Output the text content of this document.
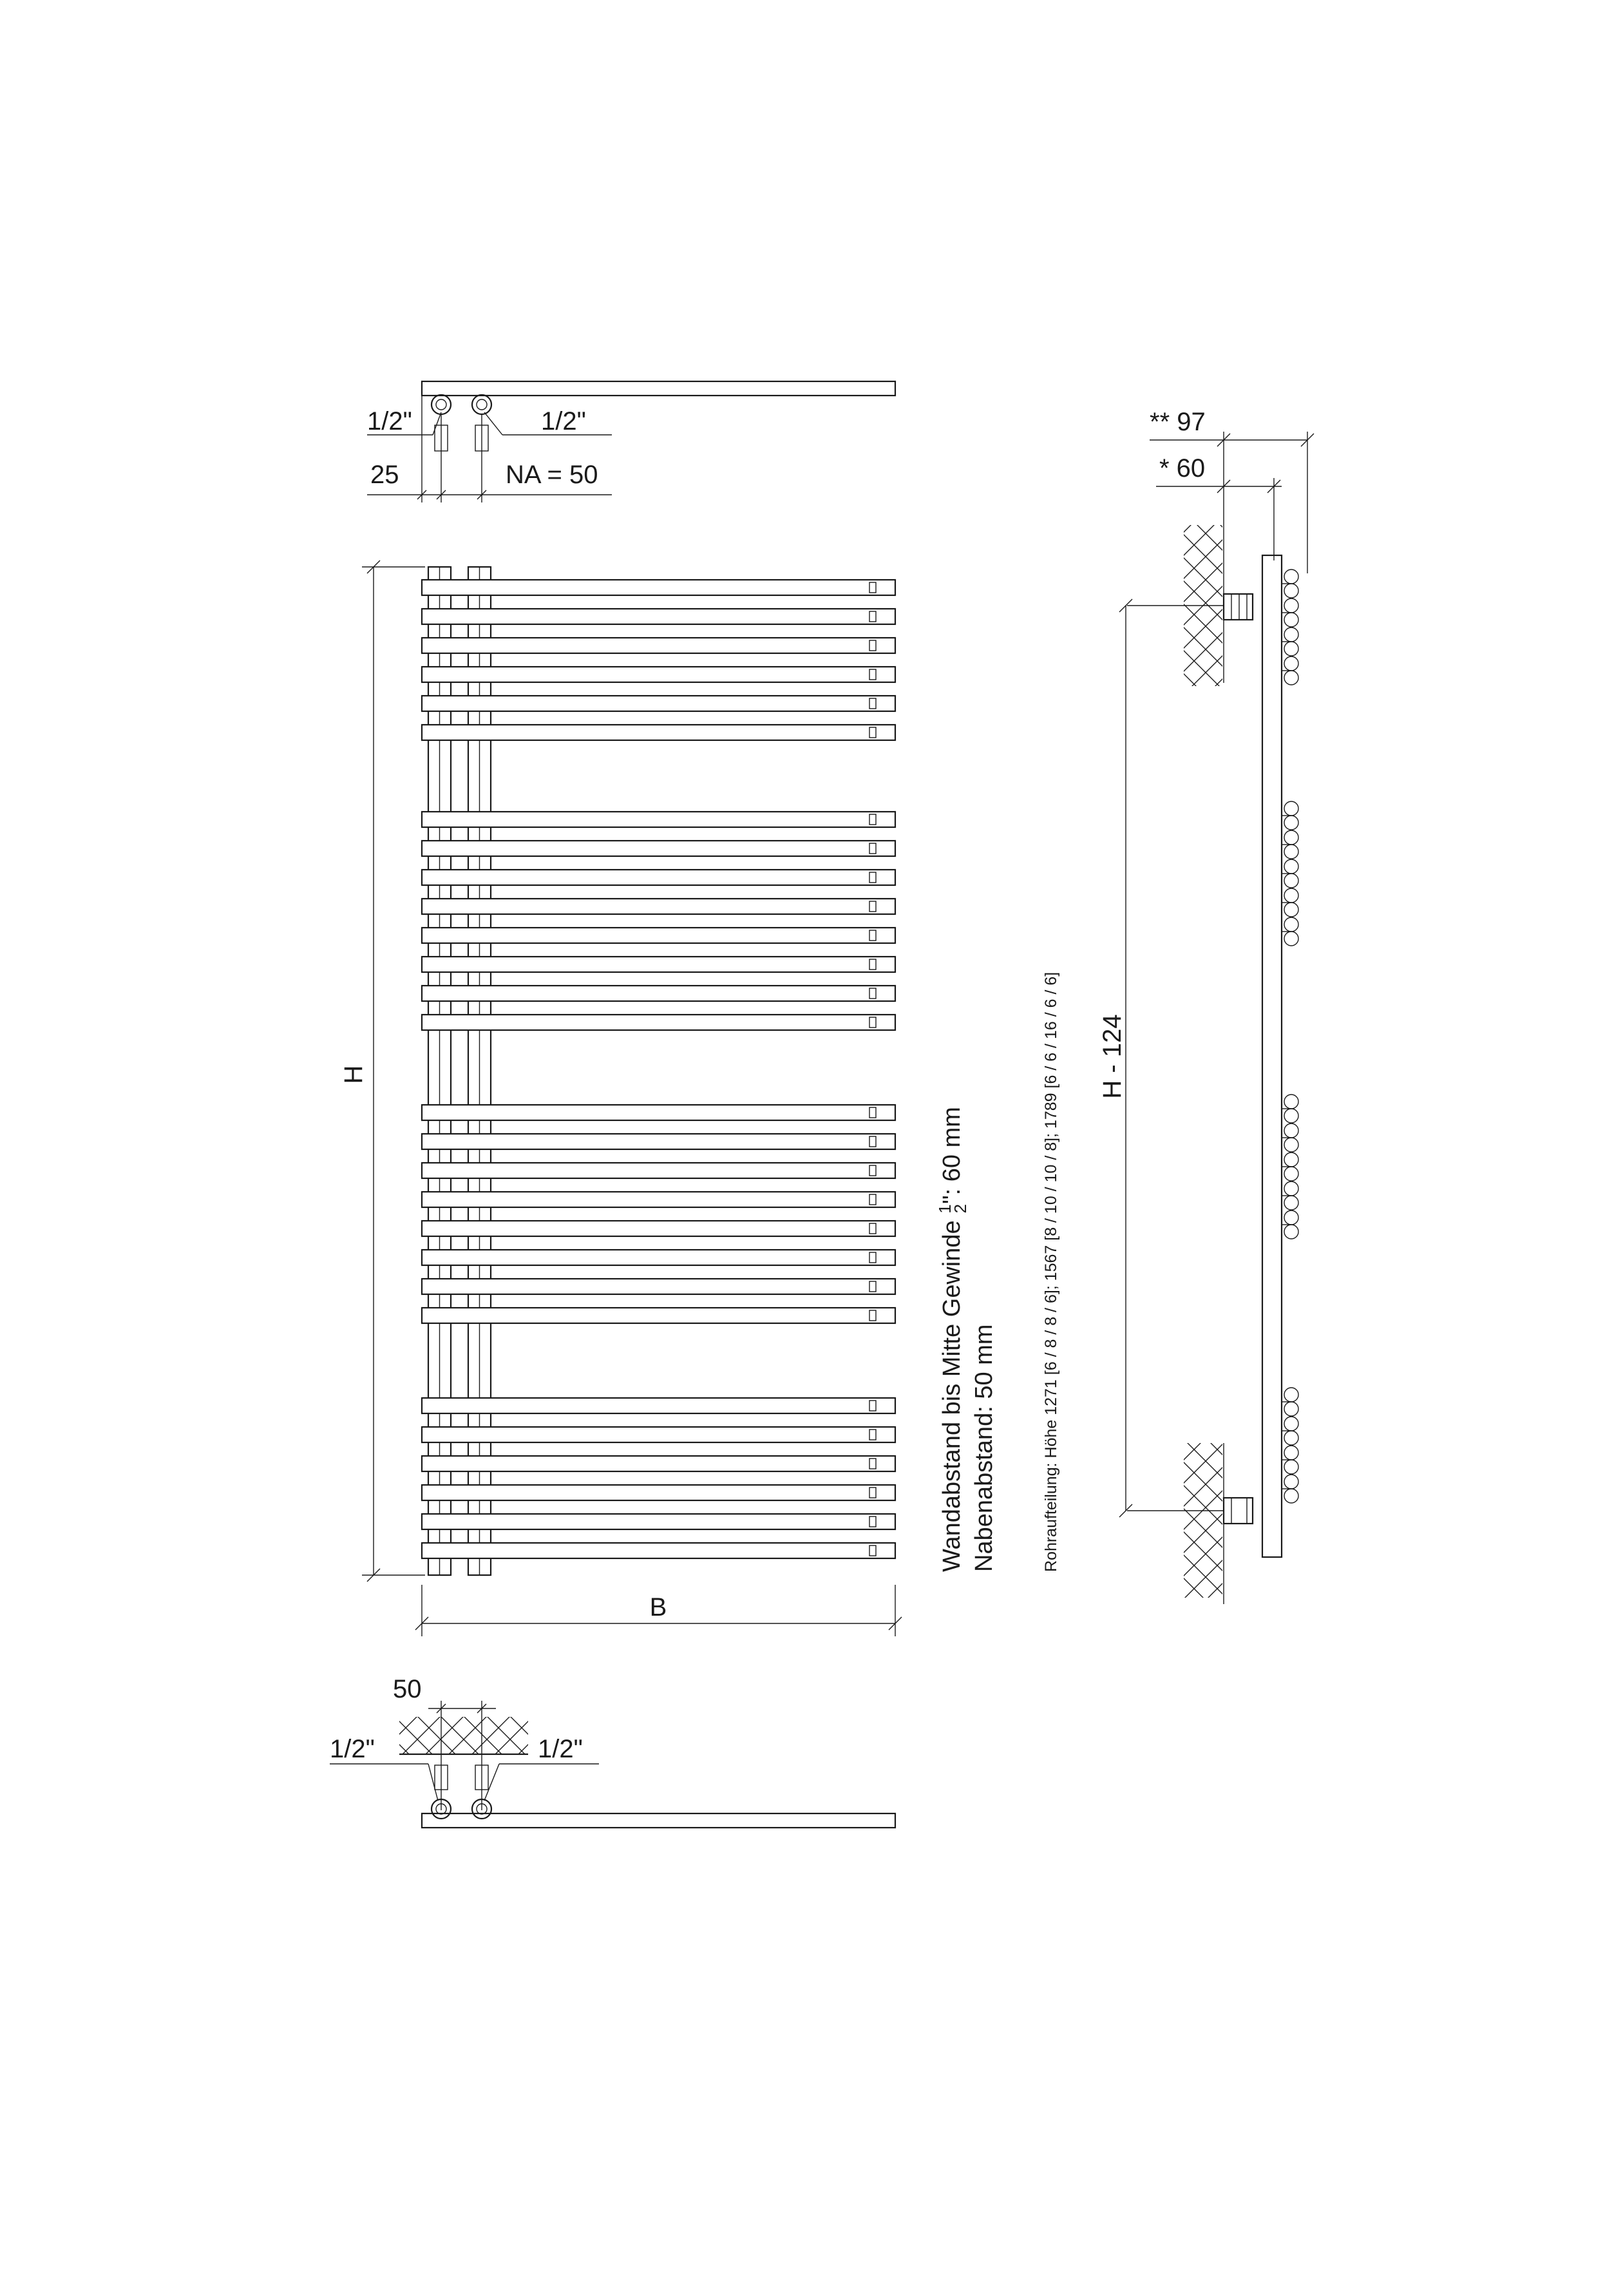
1/2"	1/2"
25	NA = 50
H
B
50
1/2"	1/2"
Wandabstand bis Mitte Gewinde $^1$2": 60 mm
Nabenabstand: 50 mm	Rohraufteilung: Höhe 1271 [6 / 8 / 8 / 6]; 1567 [8 / 10 / 10 / 8]; 1789 [6 / 6 / 16 / 6 / 6]
** 97
* 60
H - 124
